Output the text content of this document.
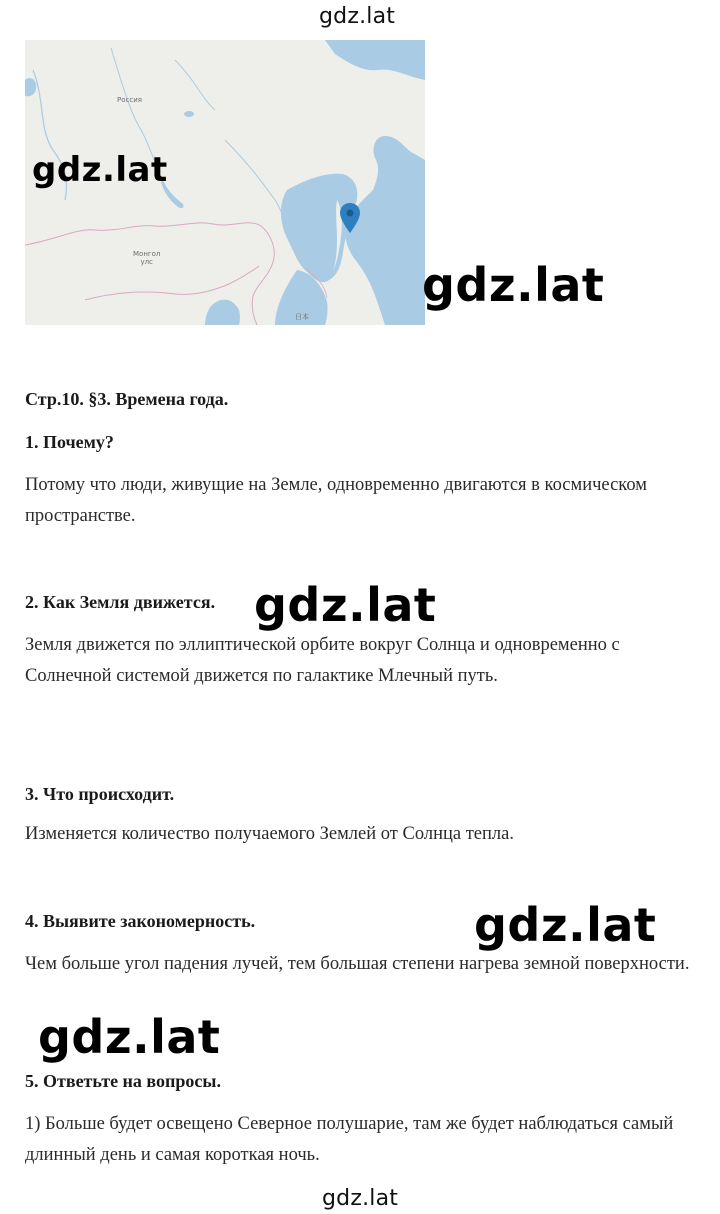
gdz.lat
Россия
Монгол
улс
日本
gdz.lat
gdz.lat
gdz.lat
gdz.lat
gdz.lat
Стр.10. §3. Времена года.
1. Почему?
Потому что люди, живущие на Земле, одновременно двигаются в космическом пространстве.
2. Как Земля движется.
Земля движется по эллиптической орбите вокруг Солнца и одновременно с Солнечной системой движется по галактике Млечный путь.
3. Что происходит.
Изменяется количество получаемого Землей от Солнца тепла.
4. Выявите закономерность.
Чем больше угол падения лучей, тем большая степени нагрева земной поверхности.
5. Ответьте на вопросы.
1) Больше будет освещено Северное полушарие, там же будет наблюдаться самый длинный день и самая короткая ночь.
gdz.lat
